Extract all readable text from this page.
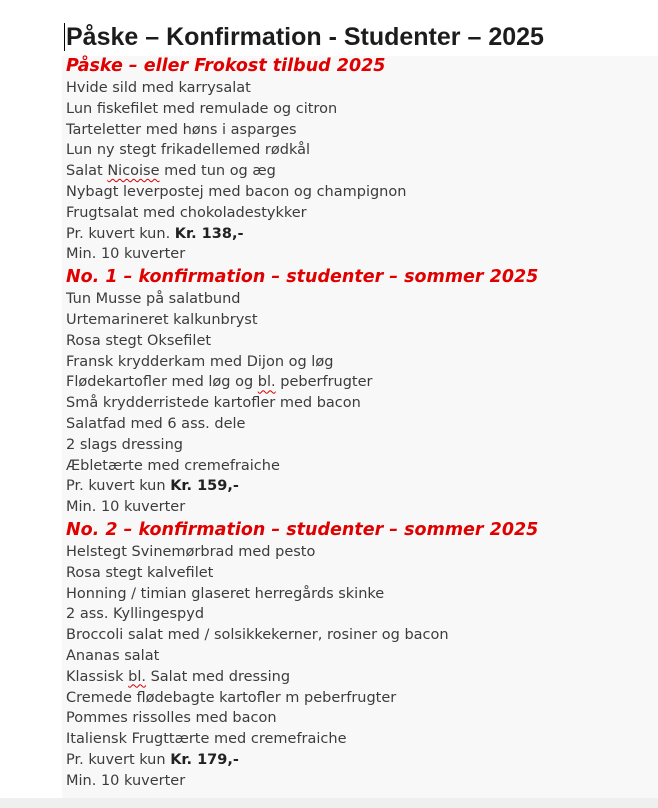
Påske – Konfirmation - Studenter – 2025
Påske – eller Frokost tilbud 2025
Hvide sild med karrysalat
Lun fiskefilet med remulade og citron
Tarteletter med høns i asparges
Lun ny stegt frikadellemed rødkål
Salat Nicoise med tun og æg
Nybagt leverpostej med bacon og champignon
Frugtsalat med chokoladestykker
Pr. kuvert kun. Kr. 138,-
Min. 10 kuverter
No. 1 – konfirmation – studenter – sommer 2025
Tun Musse på salatbund
Urtemarineret kalkunbryst
Rosa stegt Oksefilet
Fransk krydderkam med Dijon og løg
Flødekartofler med løg og bl. peberfrugter
Små krydderristede kartofler med bacon
Salatfad med 6 ass. dele
2 slags dressing
Æbletærte med cremefraiche
Pr. kuvert kun Kr. 159,-
Min. 10 kuverter
No. 2 – konfirmation – studenter – sommer 2025
Helstegt Svinemørbrad med pesto
Rosa stegt kalvefilet
Honning / timian glaseret herregårds skinke
2 ass. Kyllingespyd
Broccoli salat med / solsikkekerner, rosiner og bacon
Ananas salat
Klassisk bl. Salat med dressing
Cremede flødebagte kartofler m peberfrugter
Pommes rissolles med bacon
Italiensk Frugttærte med cremefraiche
Pr. kuvert kun Kr. 179,-
Min. 10 kuverter
